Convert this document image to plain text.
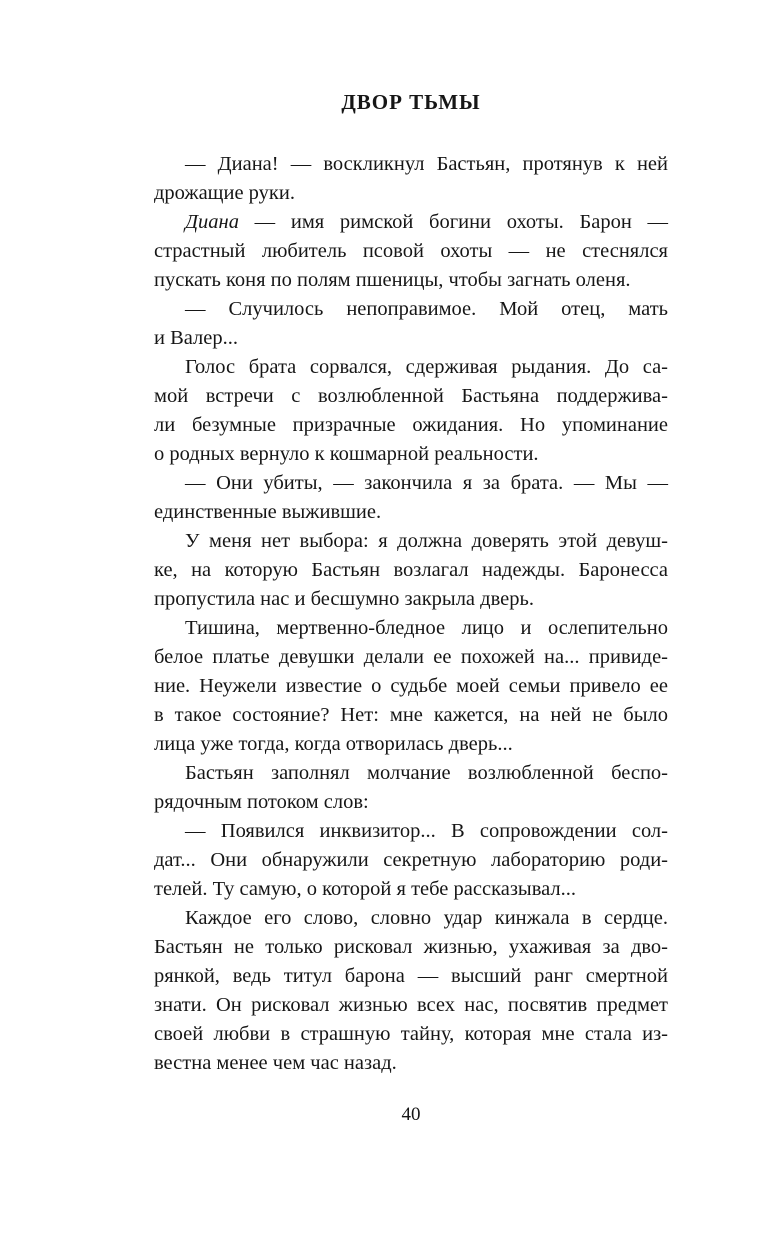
ДВОР ТЬМЫ
— Диана! — воскликнул Бастьян, протянув к ней
дрожащие руки.
Диана — имя римской богини охоты. Барон —
страстный любитель псовой охоты — не стеснялся
пускать коня по полям пшеницы, чтобы загнать оленя.
— Случилось непоправимое. Мой отец, мать
и Валер...
Голос брата сорвался, сдерживая рыдания. До са-
мой встречи с возлюбленной Бастьяна поддержива-
ли безумные призрачные ожидания. Но упоминание
о родных вернуло к кошмарной реальности.
— Они убиты, — закончила я за брата. — Мы —
единственные выжившие.
У меня нет выбора: я должна доверять этой девуш-
ке, на которую Бастьян возлагал надежды. Баронесса
пропустила нас и бесшумно закрыла дверь.
Тишина, мертвенно-бледное лицо и ослепительно
белое платье девушки делали ее похожей на... привиде-
ние. Неужели известие о судьбе моей семьи привело ее
в такое состояние? Нет: мне кажется, на ней не было
лица уже тогда, когда отворилась дверь...
Бастьян заполнял молчание возлюбленной беспо-
рядочным потоком слов:
— Появился инквизитор... В сопровождении сол-
дат... Они обнаружили секретную лабораторию роди-
телей. Ту самую, о которой я тебе рассказывал...
Каждое его слово, словно удар кинжала в сердце.
Бастьян не только рисковал жизнью, ухаживая за дво-
рянкой, ведь титул барона — высший ранг смертной
знати. Он рисковал жизнью всех нас, посвятив предмет
своей любви в страшную тайну, которая мне стала из-
вестна менее чем час назад.
40
